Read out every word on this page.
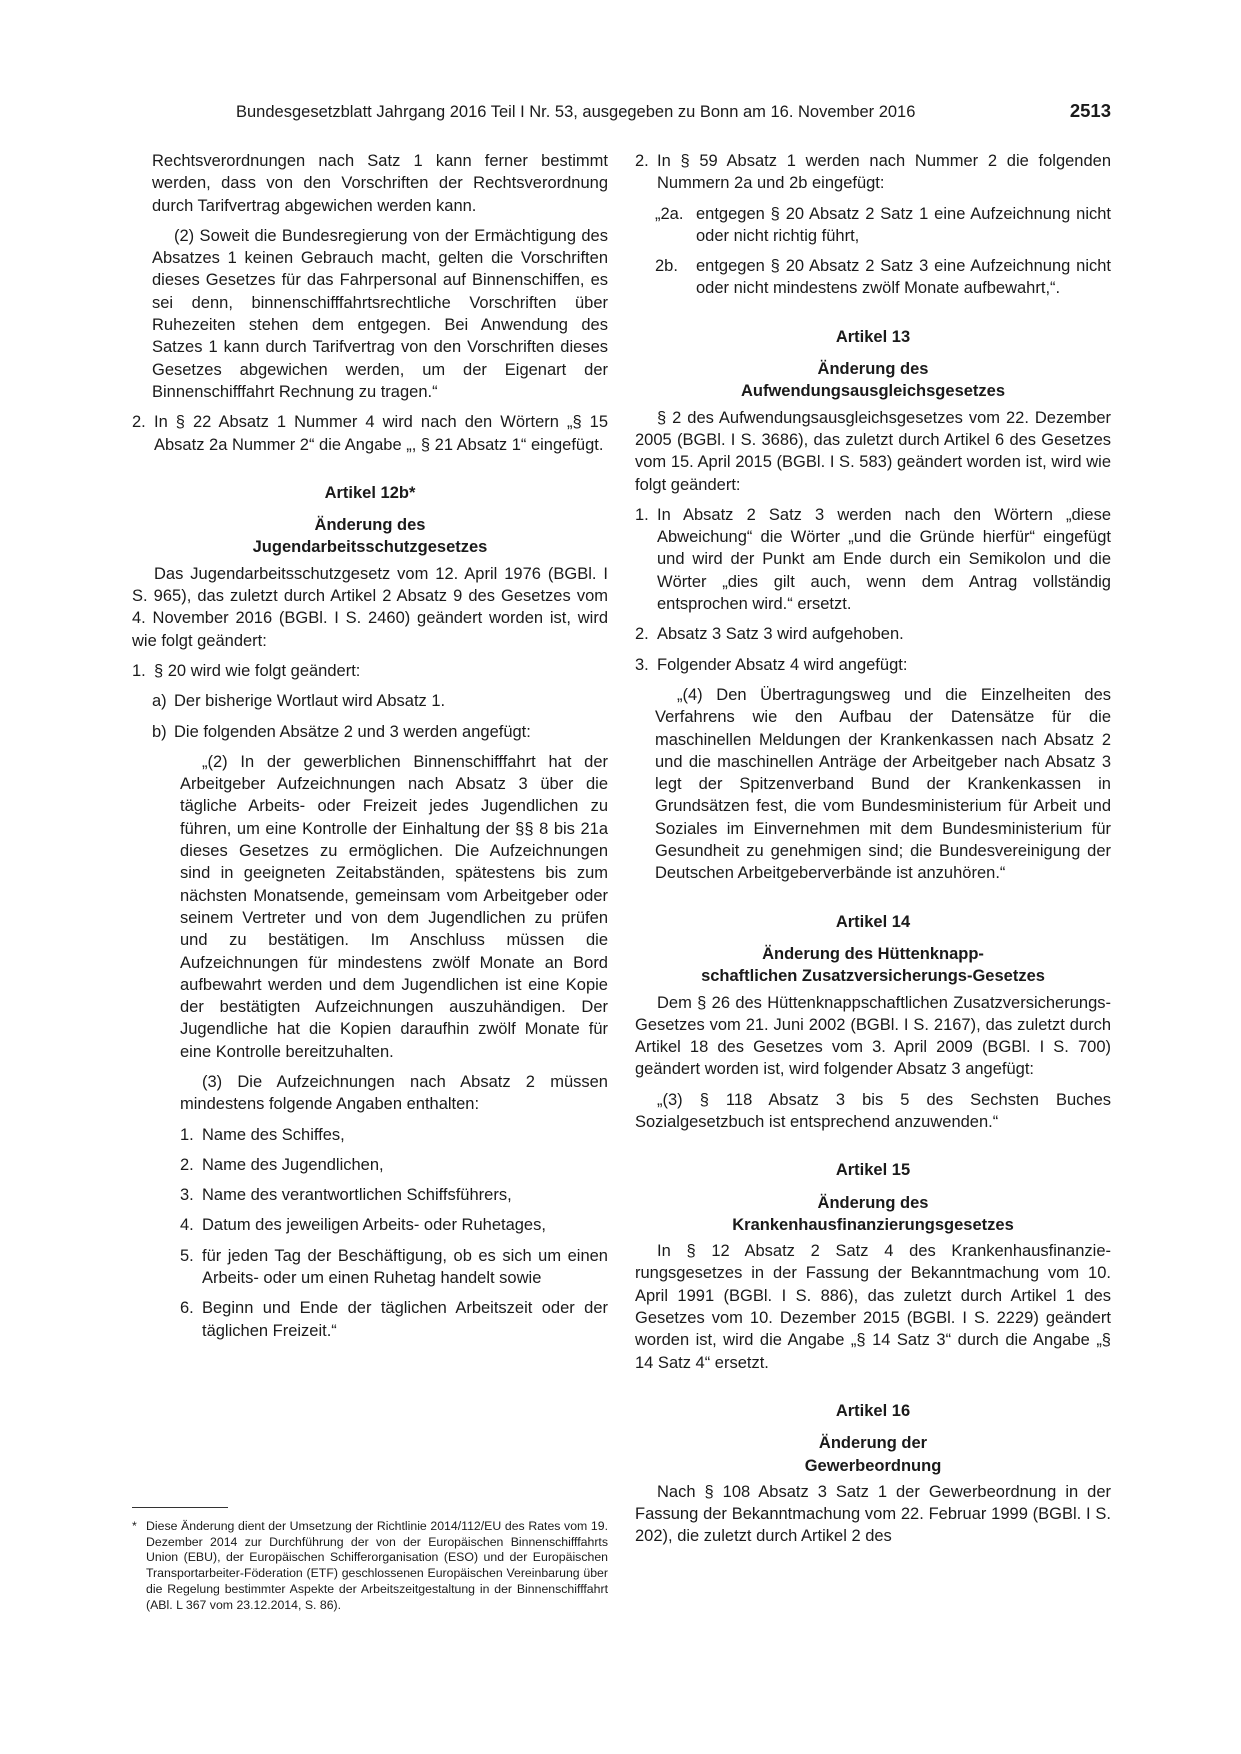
Bundesgesetzblatt Jahrgang 2016 Teil I Nr. 53, ausgegeben zu Bonn am 16. November 2016	2513

Rechtsverordnungen nach Satz 1 kann ferner bestimmt werden, dass von den Vorschriften der Rechtsverordnung durch Tarifvertrag abgewichen werden kann.

(2) Soweit die Bundesregierung von der Ermächtigung des Absatzes 1 keinen Gebrauch macht, gelten die Vorschriften dieses Gesetzes für das Fahrpersonal auf Binnenschiffen, es sei denn, binnenschifffahrtsrechtliche Vorschriften über Ruhezeiten stehen dem entgegen. Bei Anwendung des Satzes 1 kann durch Tarifvertrag von den Vorschriften dieses Gesetzes abgewichen werden, um der Eigenart der Binnenschifffahrt Rechnung zu tragen.“

2. In § 22 Absatz 1 Nummer 4 wird nach den Wörtern „§ 15 Absatz 2a Nummer 2“ die Angabe „, § 21 Absatz 1“ eingefügt.
Artikel 12b*
Änderung des
Jugendarbeitsschutzgesetzes

Das Jugendarbeitsschutzgesetz vom 12. April 1976 (BGBl. I S. 965), das zuletzt durch Artikel 2 Absatz 9 des Gesetzes vom 4. November 2016 (BGBl. I S. 2460) geändert worden ist, wird wie folgt geändert:

1. § 20 wird wie folgt geändert:
a) Der bisherige Wortlaut wird Absatz 1.
b) Die folgenden Absätze 2 und 3 werden angefügt:

„(2) In der gewerblichen Binnenschifffahrt hat der Arbeitgeber Aufzeichnungen nach Absatz 3 über die tägliche Arbeits- oder Freizeit jedes Jugendlichen zu führen, um eine Kontrolle der Einhaltung der §§ 8 bis 21a dieses Gesetzes zu ermöglichen. Die Aufzeichnungen sind in geeigneten Zeitabständen, spätestens bis zum nächsten Monatsende, gemeinsam vom Arbeitgeber oder seinem Vertreter und von dem Jugendlichen zu prüfen und zu bestätigen. Im Anschluss müssen die Aufzeichnungen für mindestens zwölf Monate an Bord aufbewahrt werden und dem Jugendlichen ist eine Kopie der bestätigten Aufzeichnungen auszuhändigen. Der Jugendliche hat die Kopien daraufhin zwölf Monate für eine Kontrolle bereitzuhalten.

(3) Die Aufzeichnungen nach Absatz 2 müssen mindestens folgende Angaben enthalten:

1. Name des Schiffes,
2. Name des Jugendlichen,
3. Name des verantwortlichen Schiffsführers,
4. Datum des jeweiligen Arbeits- oder Ruhetages,
5. für jeden Tag der Beschäftigung, ob es sich um einen Arbeits- oder um einen Ruhetag handelt sowie
6. Beginn und Ende der täglichen Arbeitszeit oder der täglichen Freizeit.“
* Diese Änderung dient der Umsetzung der Richtlinie 2014/112/EU des Rates vom 19. Dezember 2014 zur Durchführung der von der Europäischen Binnenschifffahrts Union (EBU), der Europäischen Schifferorganisation (ESO) und der Europäischen Transportarbeiter-Föderation (ETF) geschlossenen Europäischen Vereinbarung über die Regelung bestimmter Aspekte der Arbeitszeitgestaltung in der Binnenschifffahrt (ABl. L 367 vom 23.12.2014, S. 86).
2. In § 59 Absatz 1 werden nach Nummer 2 die folgenden Nummern 2a und 2b eingefügt:
„2a. entgegen § 20 Absatz 2 Satz 1 eine Aufzeichnung nicht oder nicht richtig führt,
2b.	entgegen § 20 Absatz 2 Satz 3 eine Aufzeichnung nicht oder nicht mindestens zwölf Monate aufbewahrt,“.
Artikel 13
Änderung des
Aufwendungsausgleichsgesetzes

§ 2 des Aufwendungsausgleichsgesetzes vom 22. Dezember 2005 (BGBl. I S. 3686), das zuletzt durch Artikel 6 des Gesetzes vom 15. April 2015 (BGBl. I S. 583) geändert worden ist, wird wie folgt geändert:

1. In Absatz 2 Satz 3 werden nach den Wörtern „diese Abweichung“ die Wörter „und die Gründe hierfür“ eingefügt und wird der Punkt am Ende durch ein Semikolon und die Wörter „dies gilt auch, wenn dem Antrag vollständig entsprochen wird.“ ersetzt.
2. Absatz 3 Satz 3 wird aufgehoben.
3. Folgender Absatz 4 wird angefügt:

„(4) Den Übertragungsweg und die Einzelheiten des Verfahrens wie den Aufbau der Datensätze für die maschinellen Meldungen der Krankenkassen nach Absatz 2 und die maschinellen Anträge der Arbeitgeber nach Absatz 3 legt der Spitzenverband Bund der Krankenkassen in Grundsätzen fest, die vom Bundesministerium für Arbeit und Soziales im Einvernehmen mit dem Bundesministerium für Gesundheit zu genehmigen sind; die Bundesvereinigung der Deutschen Arbeitgeberverbände ist anzuhören.“

Artikel 14
Änderung des Hüttenknapp-
schaftlichen Zusatzversicherungs-Gesetzes

Dem § 26 des Hüttenknappschaftlichen Zusatzversicherungs-Gesetzes vom 21. Juni 2002 (BGBl. I S. 2167), das zuletzt durch Artikel 18 des Gesetzes vom 3. April 2009 (BGBl. I S. 700) geändert worden ist, wird folgender Absatz 3 angefügt:

„(3) § 118 Absatz 3 bis 5 des Sechsten Buches Sozialgesetzbuch ist entsprechend anzuwenden.“

Artikel 15
Änderung des
Krankenhausfinanzierungsgesetzes

In § 12 Absatz 2 Satz 4 des Krankenhausfinanzierungsgesetzes in der Fassung der Bekanntmachung vom 10. April 1991 (BGBl. I S. 886), das zuletzt durch Artikel 1 des Gesetzes vom 10. Dezember 2015 (BGBl. I S. 2229) geändert worden ist, wird die Angabe „§ 14 Satz 3“ durch die Angabe „§ 14 Satz 4“ ersetzt.

Artikel 16
Änderung der
Gewerbeordnung

Nach § 108 Absatz 3 Satz 1 der Gewerbeordnung in der Fassung der Bekanntmachung vom 22. Februar 1999 (BGBl. I S. 202), die zuletzt durch Artikel 2 des
